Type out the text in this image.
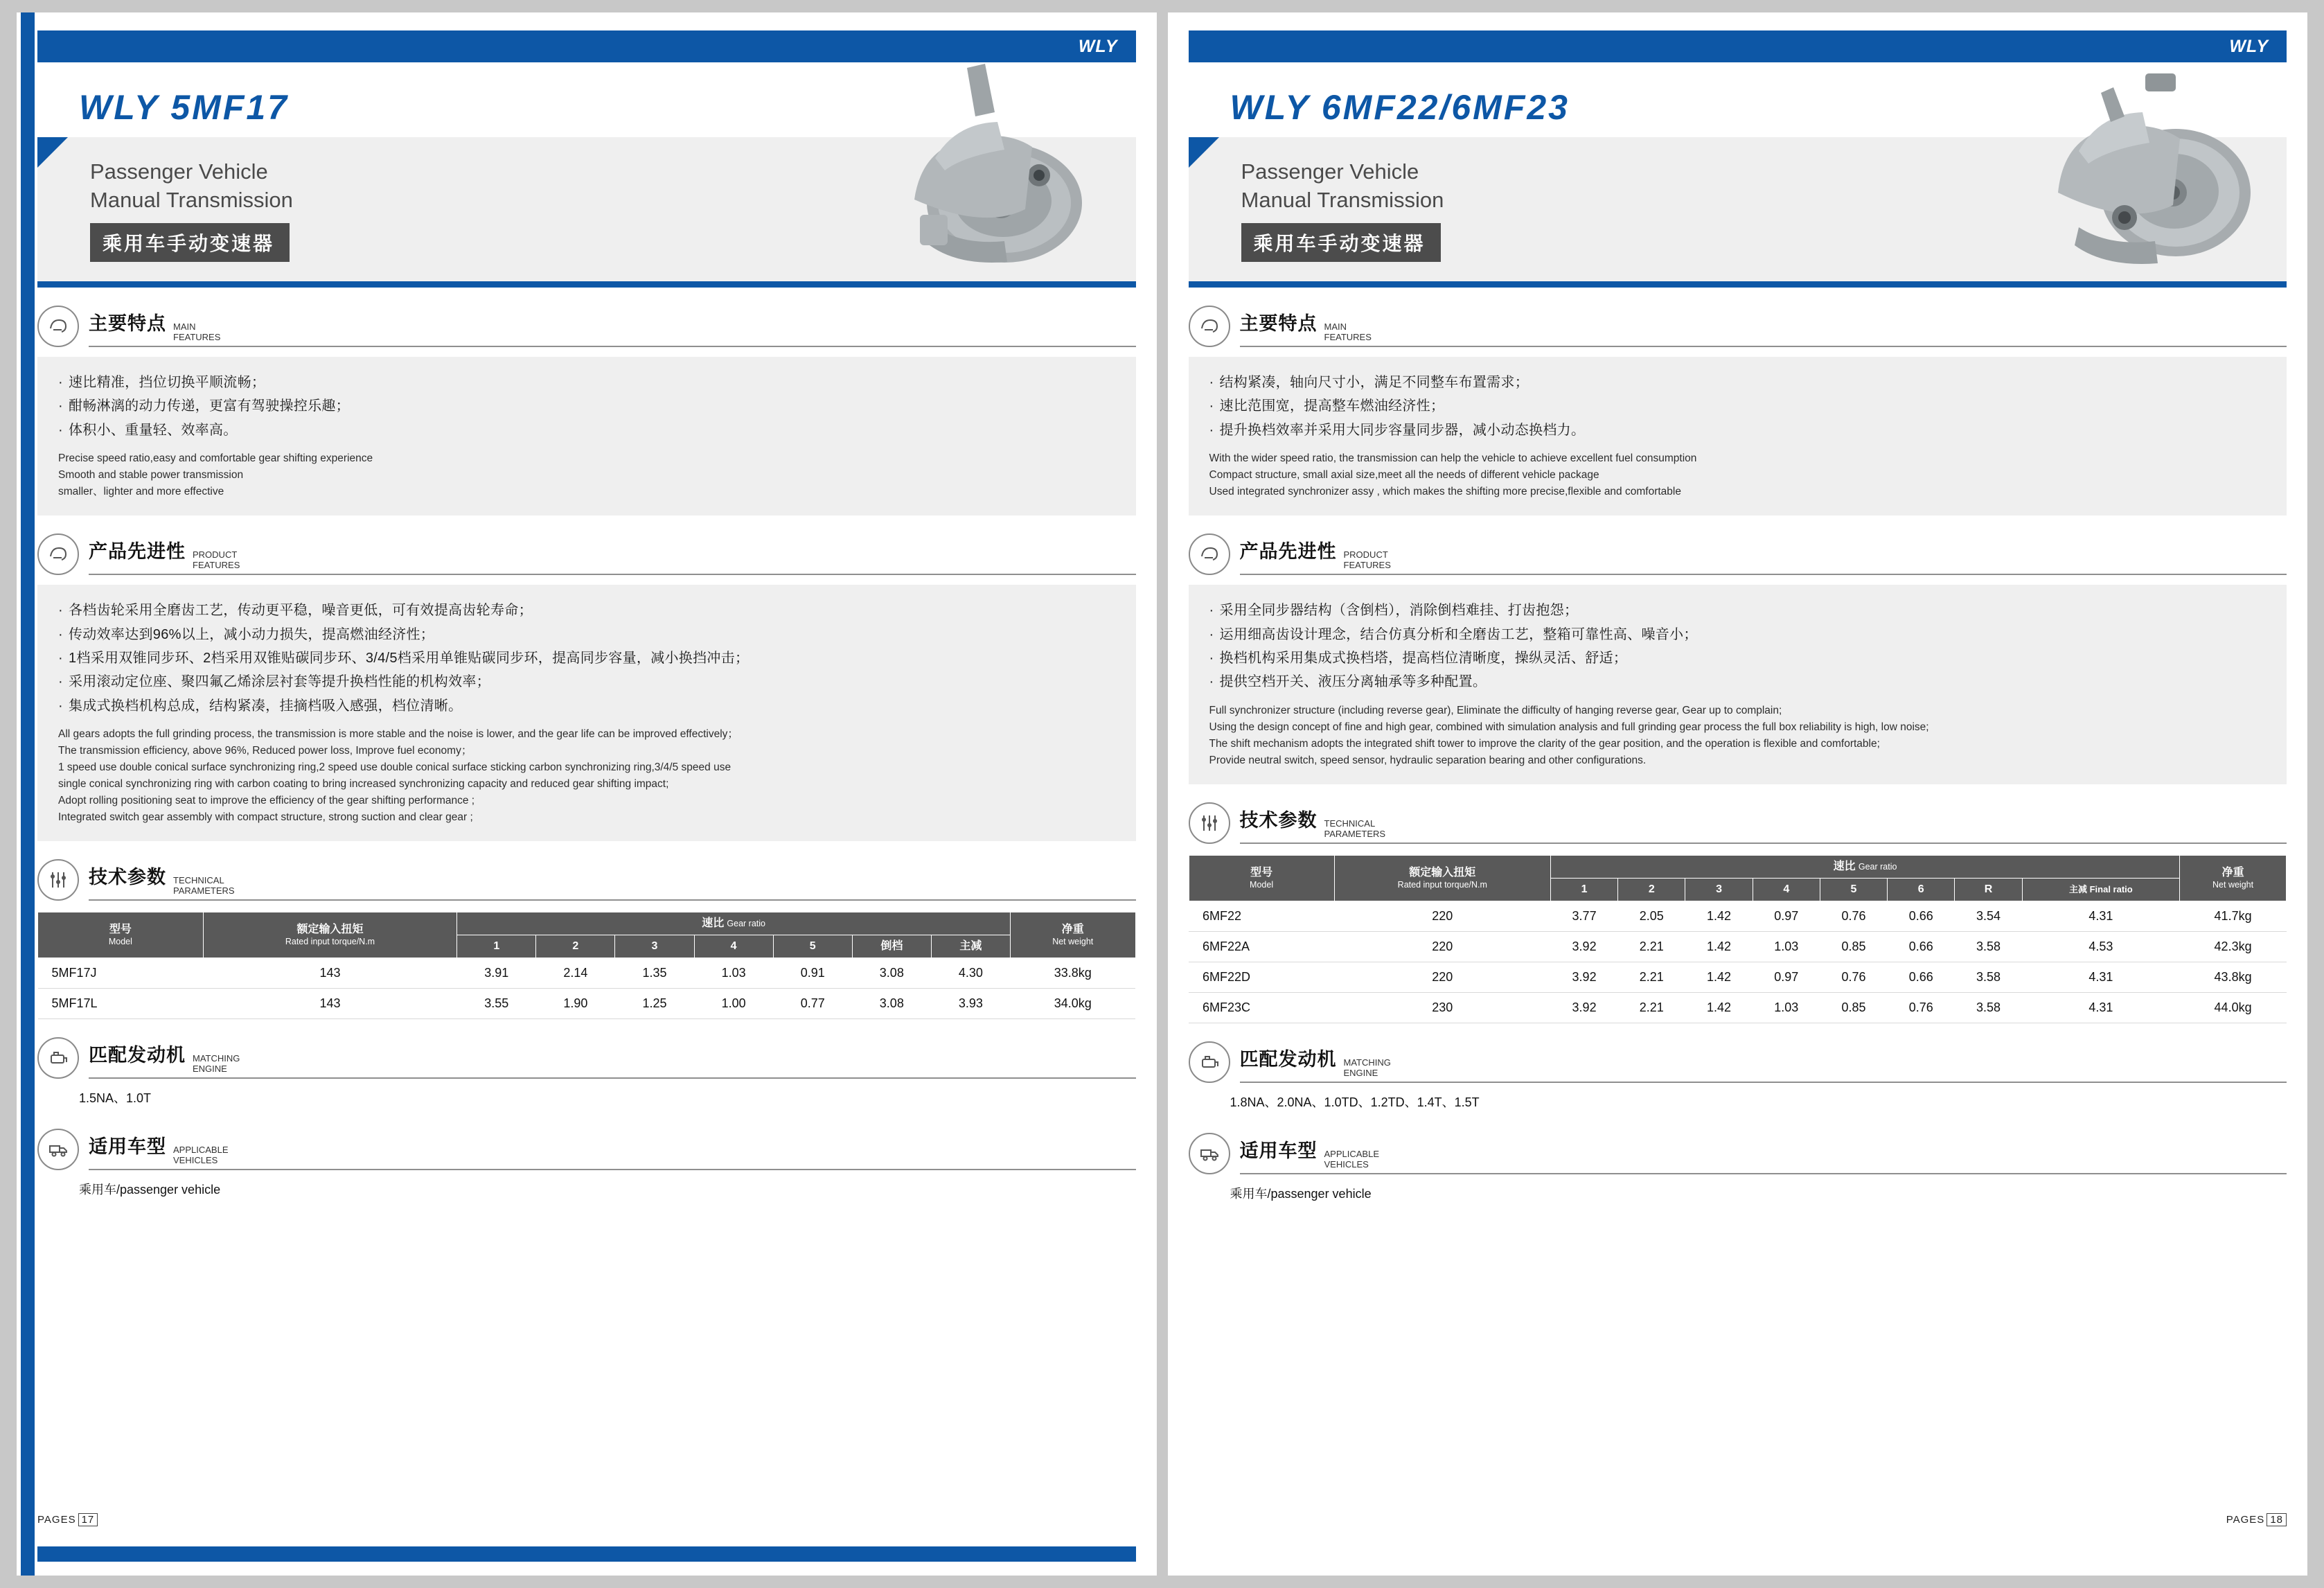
WLY
WLY 5MF17
Passenger Vehicle
Manual Transmission
乘用车手动变速器
主要特点 MAIN
FEATURES
· 速比精准，挡位切换平顺流畅；
· 酣畅淋漓的动力传递，更富有驾驶操控乐趣；
· 体积小、重量轻、效率高。
Precise speed ratio,easy and comfortable gear shifting experience
Smooth and stable power transmission
smaller、lighter and more effective
产品先进性 PRODUCT
FEATURES
· 各档齿轮采用全磨齿工艺，传动更平稳，噪音更低，可有效提高齿轮寿命；
· 传动效率达到96%以上，减小动力损失，提高燃油经济性；
· 1档采用双锥同步环、2档采用双锥贴碳同步环、3/4/5档采用单锥贴碳同步环，提高同步容量，减小换挡冲击；
· 采用滚动定位座、聚四氟乙烯涂层衬套等提升换档性能的机构效率；
· 集成式换档机构总成，结构紧凑，挂摘档吸入感强，档位清晰。
All gears adopts the full grinding process, the transmission is more stable and the noise is lower, and the gear life can be improved effectively；
The transmission efficiency, above 96%, Reduced power loss, Improve fuel economy；
1 speed use double conical surface synchronizing ring,2 speed use double conical surface sticking carbon synchronizing ring,3/4/5 speed use
single conical synchronizing ring with carbon coating to bring increased synchronizing capacity and reduced gear shifting impact;
Adopt rolling positioning seat to improve the efficiency of the gear shifting performance ;
Integrated switch gear assembly with compact structure, strong suction and clear gear ;
技术参数 TECHNICAL
PARAMETERS
型号
Model	额定输入扭矩
Rated input torque/N.m	速比 Gear ratio							净重
Net weight

		1	2	3	4	5	倒档	主减	
5MF17J	143	3.91	2.14	1.35	1.03	0.91	3.08	4.30	33.8kg
5MF17L	143	3.55	1.90	1.25	1.00	0.77	3.08	3.93	34.0kg
匹配发动机 MATCHING
ENGINE
1.5NA、1.0T
适用车型 APPLICABLE
VEHICLES
乘用车/passenger vehicle
PAGES 17
WLY
WLY 6MF22/6MF23
Passenger Vehicle
Manual Transmission
乘用车手动变速器
主要特点 MAIN
FEATURES
· 结构紧凑，轴向尺寸小，满足不同整车布置需求；
· 速比范围宽，提高整车燃油经济性；
· 提升换档效率并采用大同步容量同步器，减小动态换档力。
With the wider speed ratio, the transmission can help the vehicle to achieve excellent fuel consumption
Compact structure, small axial size,meet all the needs of different vehicle package
Used integrated synchronizer assy , which makes the shifting more precise,flexible and comfortable
产品先进性 PRODUCT
FEATURES
· 采用全同步器结构（含倒档），消除倒档难挂、打齿抱怨；
· 运用细高齿设计理念，结合仿真分析和全磨齿工艺，整箱可靠性高、噪音小；
· 换档机构采用集成式换档塔，提高档位清晰度，操纵灵活、舒适；
· 提供空档开关、液压分离轴承等多种配置。
Full synchronizer structure (including reverse gear), Eliminate the difficulty of hanging reverse gear, Gear up to complain;
Using the design concept of fine and high gear, combined with simulation analysis and full grinding gear process the full box reliability is high, low noise;
The shift mechanism adopts the integrated shift tower to improve the clarity of the gear position, and the operation is flexible and comfortable;
Provide neutral switch, speed sensor, hydraulic separation bearing and other configurations.
技术参数 TECHNICAL
PARAMETERS
型号
Model	额定输入扭矩
Rated input torque/N.m	速比 Gear ratio								净重
Net weight

		1	2	3	4	5	6	R	主减 Final ratio	
6MF22	220	3.77	2.05	1.42	0.97	0.76	0.66	3.54	4.31	41.7kg
6MF22A	220	3.92	2.21	1.42	1.03	0.85	0.66	3.58	4.53	42.3kg
6MF22D	220	3.92	2.21	1.42	0.97	0.76	0.66	3.58	4.31	43.8kg
6MF23C	230	3.92	2.21	1.42	1.03	0.85	0.76	3.58	4.31	44.0kg
匹配发动机 MATCHING
ENGINE
1.8NA、2.0NA、1.0TD、1.2TD、1.4T、1.5T
适用车型 APPLICABLE
VEHICLES
乘用车/passenger vehicle
PAGES 18
